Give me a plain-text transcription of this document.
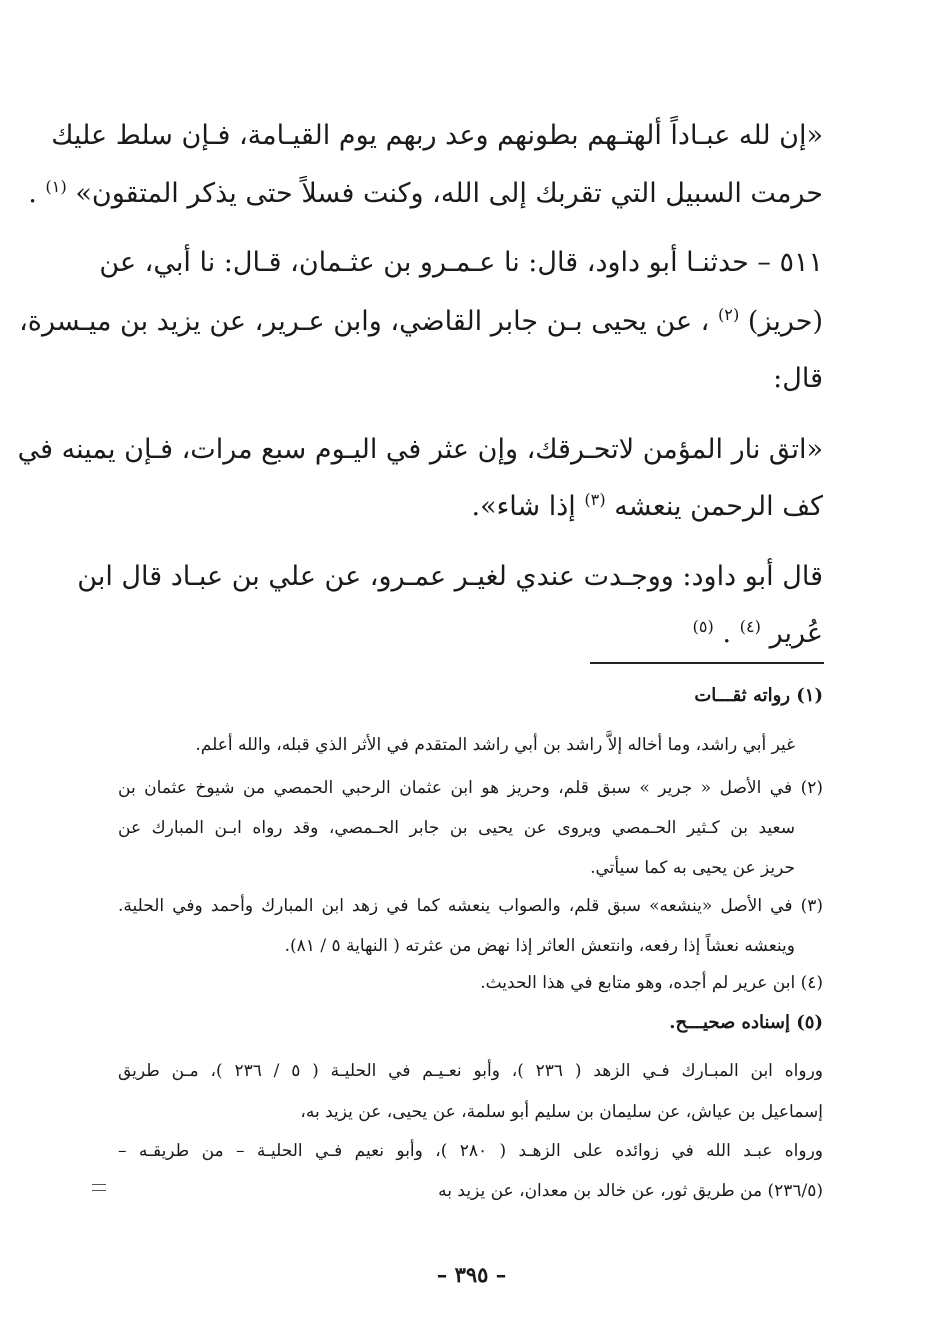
«إن لله عبـاداً ألهتـهم بطونهم وعد ربهم يوم القيـامة، فـإن سلط عليك
حرمت السبيل التي تقربك إلى الله، وكنت فسلاً حتى يذكر المتقون» $^{(١)}$ .
٥١١ – حدثنـا أبو داود، قال: نا عـمـرو بن عثـمان، قـال: نا أبي، عن
(حريز) $^{(٢)}$ ، عن يحيى بـن جابر القاضي، وابن عـرير، عن يزيد بن ميـسرة،
قال:
«اتق نار المؤمن لاتحـرقك، وإن عثر في اليـوم سبع مرات، فـإن يمينه في
كف الرحمن ينعشه $^{(٣)}$ إذا شاء».
قال أبو داود: ووجـدت عندي لغيـر عمـرو، عن علي بن عبـاد قال ابن
عُرير $^{(٤)}$ . $^{(٥)}$
(١) رواته ثقـــات
غير أبي راشد، وما أخاله إلاَّ راشد بن أبي راشد المتقدم في الأثر الذي قبله، والله أعلم.
(٢) في الأصل « جرير » سبق قلم، وحريز هو ابن عثمان الرحبي الحمصي من شيوخ عثمان بن
سعيد بن كـثير الحـمصي ويروى عن يحيى بن جابر الحـمصي، وقد رواه ابـن المبارك عن
حريز عن يحيى به كما سيأتي.
(٣) في الأصل «ينشعه» سبق قلم، والصواب ينعشه كما في زهد ابن المبارك وأحمد وفي الحلية.
وينعشه نعشاً إذا رفعه، وانتعش العاثر إذا نهض من عثرته ( النهاية ٥ / ٨١).
(٤) ابن عرير لم أجده، وهو متابع في هذا الحديث.
(٥) إسناده صحيـــح.
ورواه ابن المبـارك فـي الزهد ( ٢٣٦ )، وأبو نعـيـم في الحليـة ( ٥ / ٢٣٦ )، مـن طريق
إسماعيل بن عياش، عن سليمان بن سليم أبو سلمة، عن يحيى، عن يزيد به،
ورواه عبـد الله في زوائده على الزهـد ( ٢٨٠ )، وأبو نعيم فـي الحليـة – من طريقـه –
(٢٣٦/٥) من طريق ثور، عن خالد بن معدان، عن يزيد به
– ٣٩٥ –
